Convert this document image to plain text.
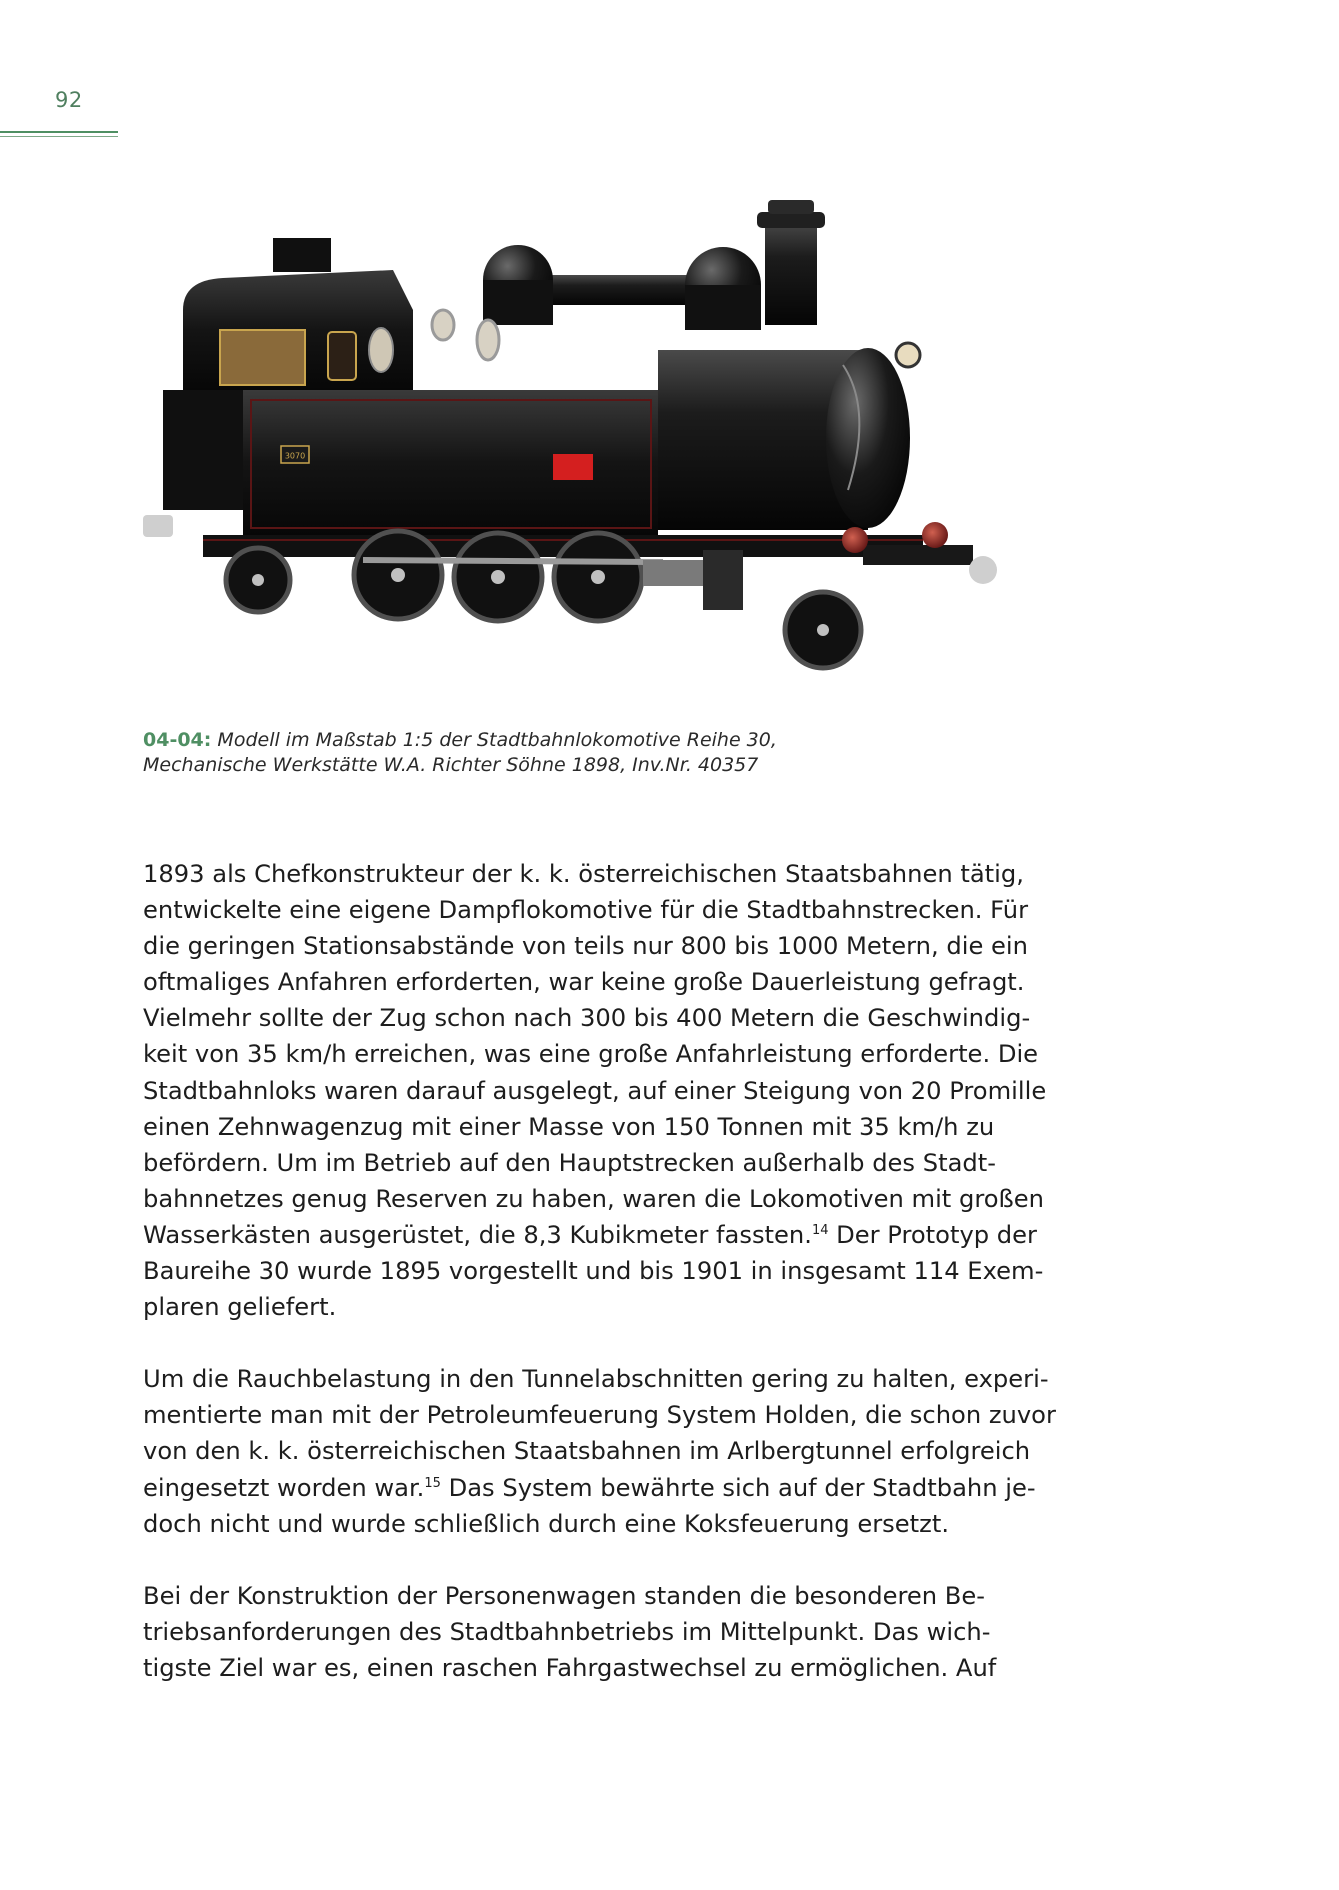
92
3070
04-04: Modell im Maßstab 1:5 der Stadtbahnlokomotive Reihe 30,
Mechanische Werkstätte W.A. Richter Söhne 1898, Inv.Nr. 40357

1893 als Chefkonstrukteur der k. k. österreichischen Staatsbahnen tätig,
entwickelte eine eigene Dampflokomotive für die Stadtbahnstrecken. Für
die geringen Stationsabstände von teils nur 800 bis 1000 Metern, die ein
oftmaliges Anfahren erforderten, war keine große Dauerleistung gefragt.
Vielmehr sollte der Zug schon nach 300 bis 400 Metern die Geschwindig-
keit von 35 km/h erreichen, was eine große Anfahrleistung erforderte. Die
Stadtbahnloks waren darauf ausgelegt, auf einer Steigung von 20 Promille
einen Zehnwagenzug mit einer Masse von 150 Tonnen mit 35 km/h zu
befördern. Um im Betrieb auf den Hauptstrecken außerhalb des Stadt-
bahnnetzes genug Reserven zu haben, waren die Lokomotiven mit großen
Wasserkästen ausgerüstet, die 8,3 Kubikmeter fassten.$^{14}$ Der Prototyp der
Baureihe 30 wurde 1895 vorgestellt und bis 1901 in insgesamt 114 Exem-
plaren geliefert.

Um die Rauchbelastung in den Tunnelabschnitten gering zu halten, experi-
mentierte man mit der Petroleumfeuerung System Holden, die schon zuvor
von den k. k. österreichischen Staatsbahnen im Arlbergtunnel erfolgreich
eingesetzt worden war.$^{15}$ Das System bewährte sich auf der Stadtbahn je-
doch nicht und wurde schließlich durch eine Koksfeuerung ersetzt.

Bei der Konstruktion der Personenwagen standen die besonderen Be-
triebsanforderungen des Stadtbahnbetriebs im Mittelpunkt. Das wich-
tigste Ziel war es, einen raschen Fahrgastwechsel zu ermöglichen. Auf
